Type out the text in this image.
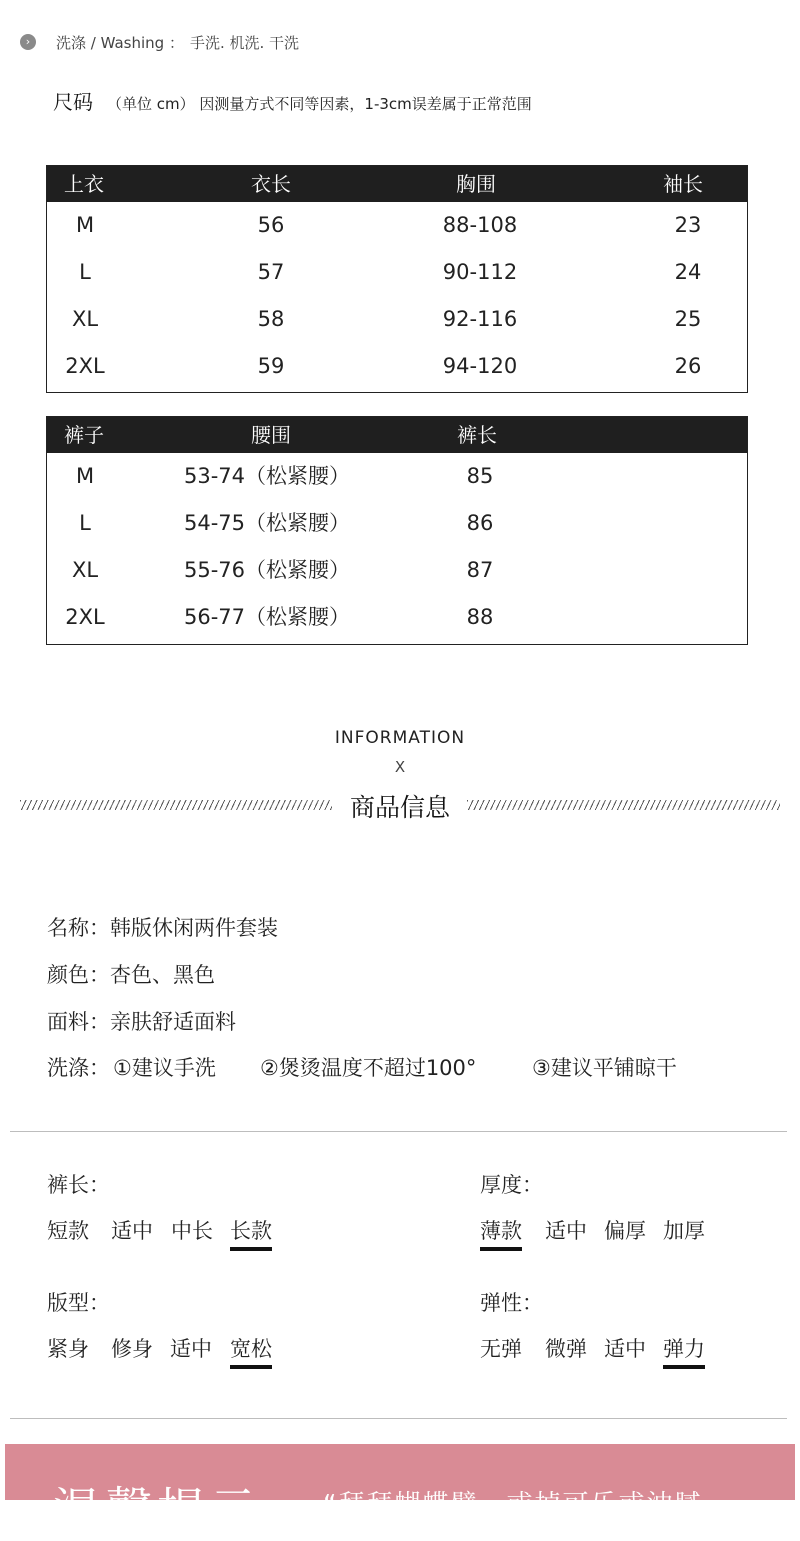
›	洗涤 / Washing ： 手洗. 机洗. 干洗
尺码 （单位 cm） 因测量方式不同等因素，1-3cm误差属于正常范围
上衣	衣长	胸围	袖长
M	56	88-108	23
L	57	90-112	24
XL	58	92-116	25
2XL	59	94-120	26
裤子	腰围	裤长
M	53-74（松紧腰）	85
L	54-75（松紧腰）	86
XL	55-76（松紧腰）	87
2XL	56-77（松紧腰）	88
INFORMATION
X
商品信息
名称：韩版休闲两件套装
颜色：杏色、黑色
面料：亲肤舒适面料
洗涤： ①建议手洗 ②煲烫温度不超过100°	③建议平铺晾干
裤长：
短款 适中 中长 长款
厚度：
薄款 适中 偏厚 加厚
版型：
紧身 修身 适中 宽松
弹性：
无弹 微弹 适中 弹力
温馨提示 “拜拜蝴蝶臂，或掉可乐或油腻
